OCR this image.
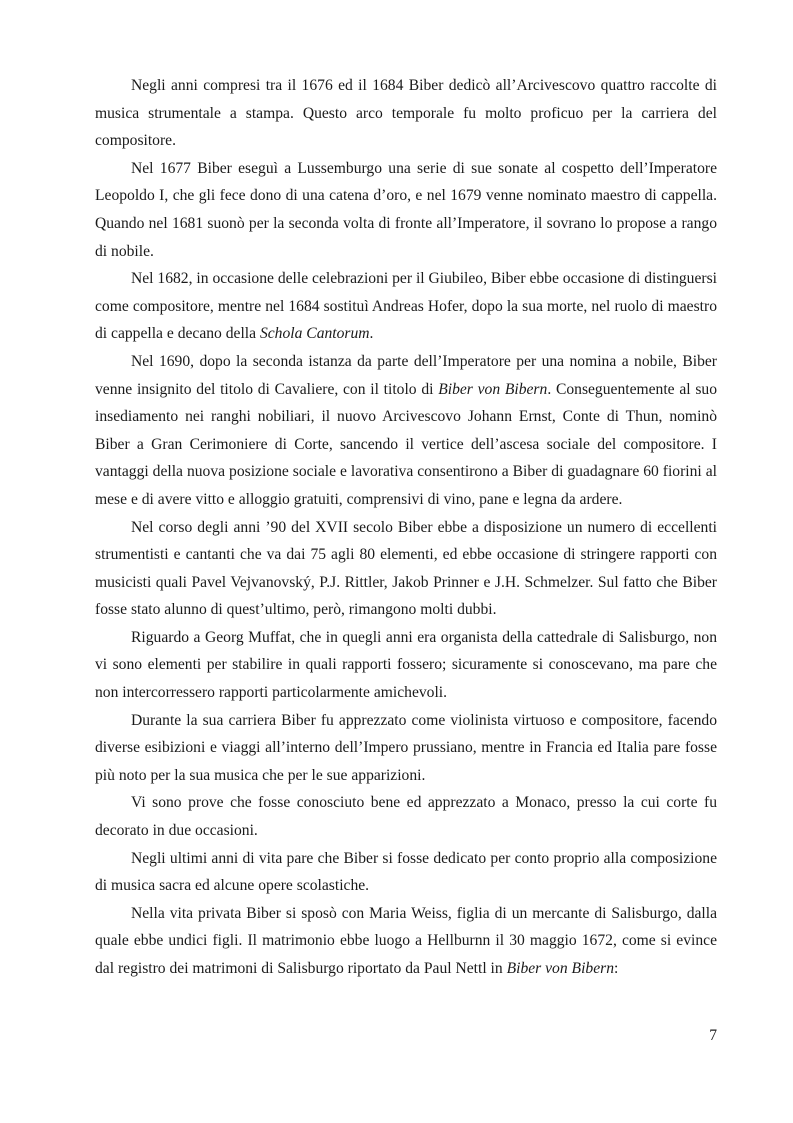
Negli anni compresi tra il 1676 ed il 1684 Biber dedicò all’Arcivescovo quattro raccolte di musica strumentale a stampa. Questo arco temporale fu molto proficuo per la carriera del compositore.

Nel 1677 Biber eseguì a Lussemburgo una serie di sue sonate al cospetto dell’Imperatore Leopoldo I, che gli fece dono di una catena d’oro, e nel 1679 venne nominato maestro di cappella. Quando nel 1681 suonò per la seconda volta di fronte all’Imperatore, il sovrano lo propose a rango di nobile.

Nel 1682, in occasione delle celebrazioni per il Giubileo, Biber ebbe occasione di distinguersi come compositore, mentre nel 1684 sostituì Andreas Hofer, dopo la sua morte, nel ruolo di maestro di cappella e decano della Schola Cantorum.

Nel 1690, dopo la seconda istanza da parte dell’Imperatore per una nomina a nobile, Biber venne insignito del titolo di Cavaliere, con il titolo di Biber von Bibern. Conseguentemente al suo insediamento nei ranghi nobiliari, il nuovo Arcivescovo Johann Ernst, Conte di Thun, nominò Biber a Gran Cerimoniere di Corte, sancendo il vertice dell’ascesa sociale del compositore. I vantaggi della nuova posizione sociale e lavorativa consentirono a Biber di guadagnare 60 fiorini al mese e di avere vitto e alloggio gratuiti, comprensivi di vino, pane e legna da ardere.

Nel corso degli anni ’90 del XVII secolo Biber ebbe a disposizione un numero di eccellenti strumentisti e cantanti che va dai 75 agli 80 elementi, ed ebbe occasione di stringere rapporti con musicisti quali Pavel Vejvanovský, P.J. Rittler, Jakob Prinner e J.H. Schmelzer. Sul fatto che Biber fosse stato alunno di quest’ultimo, però, rimangono molti dubbi.

Riguardo a Georg Muffat, che in quegli anni era organista della cattedrale di Salisburgo, non vi sono elementi per stabilire in quali rapporti fossero; sicuramente si conoscevano, ma pare che non intercorressero rapporti particolarmente amichevoli.

Durante la sua carriera Biber fu apprezzato come violinista virtuoso e compositore, facendo diverse esibizioni e viaggi all’interno dell’Impero prussiano, mentre in Francia ed Italia pare fosse più noto per la sua musica che per le sue apparizioni.

Vi sono prove che fosse conosciuto bene ed apprezzato a Monaco, presso la cui corte fu decorato in due occasioni.

Negli ultimi anni di vita pare che Biber si fosse dedicato per conto proprio alla composizione di musica sacra ed alcune opere scolastiche.

Nella vita privata Biber si sposò con Maria Weiss, figlia di un mercante di Salisburgo, dalla quale ebbe undici figli. Il matrimonio ebbe luogo a Hellburnn il 30 maggio 1672, come si evince dal registro dei matrimoni di Salisburgo riportato da Paul Nettl in Biber von Bibern:

7
